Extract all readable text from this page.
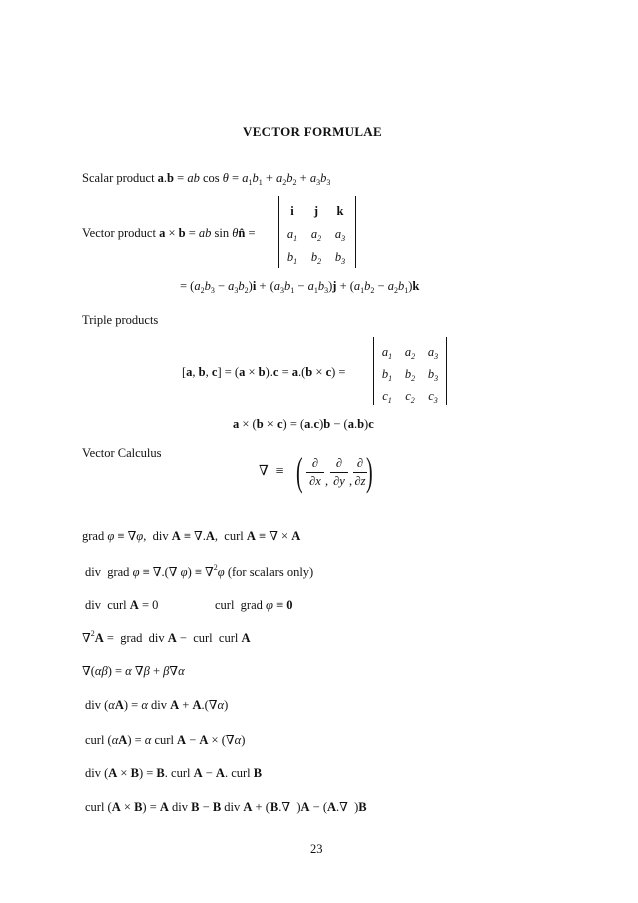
VECTOR FORMULAE
Scalar product a.b = ab $\cos \theta = a_1b_1 + a_2b_2 + a_3b_3$
Vector product a × b = ab sin θn̂ =
i	j	k
$a_1$	$a_2$	$a_3$
$b_1$	$b_2$	$b_3$
= $(a_2b_3 - a_3b_2)i + (a_3b_1 - a_1b_3)j + (a_1b_2 - a_2b_1)k$
Triple products
[a, b, c] = (a × b).c = a.(b × c) =
$a_1$	$a_2$	$a_3$
$b_1$	$b_2$	$b_3$
$c_1$	$c_2$	$c_3$
a × (b × c) = (a.c)b − (a.b)c
Vector Calculus
∇  ≡ ( ∂
∂x ,
∂
∂y ,
∂
∂z )
grad φ ≡ ∇φ,  div A ≡ ∇.A,  curl A ≡ ∇ × A
div  grad φ ≡ ∇.(∇ φ) ≡ ∇$^2$φ (for scalars only)
div  curl A = 0	curl  grad φ ≡ 0
∇$^2$A =  grad  div A −  curl  curl A
∇(αβ) = α ∇β + β∇α
div (αA) = α div A + A.(∇α)
curl (αA) = α curl A − A × (∇α)
div (A × B) = B. curl A − A. curl B
curl (A × B) = A div B − B div A + (B.∇  )A − (A.∇  )B
23
